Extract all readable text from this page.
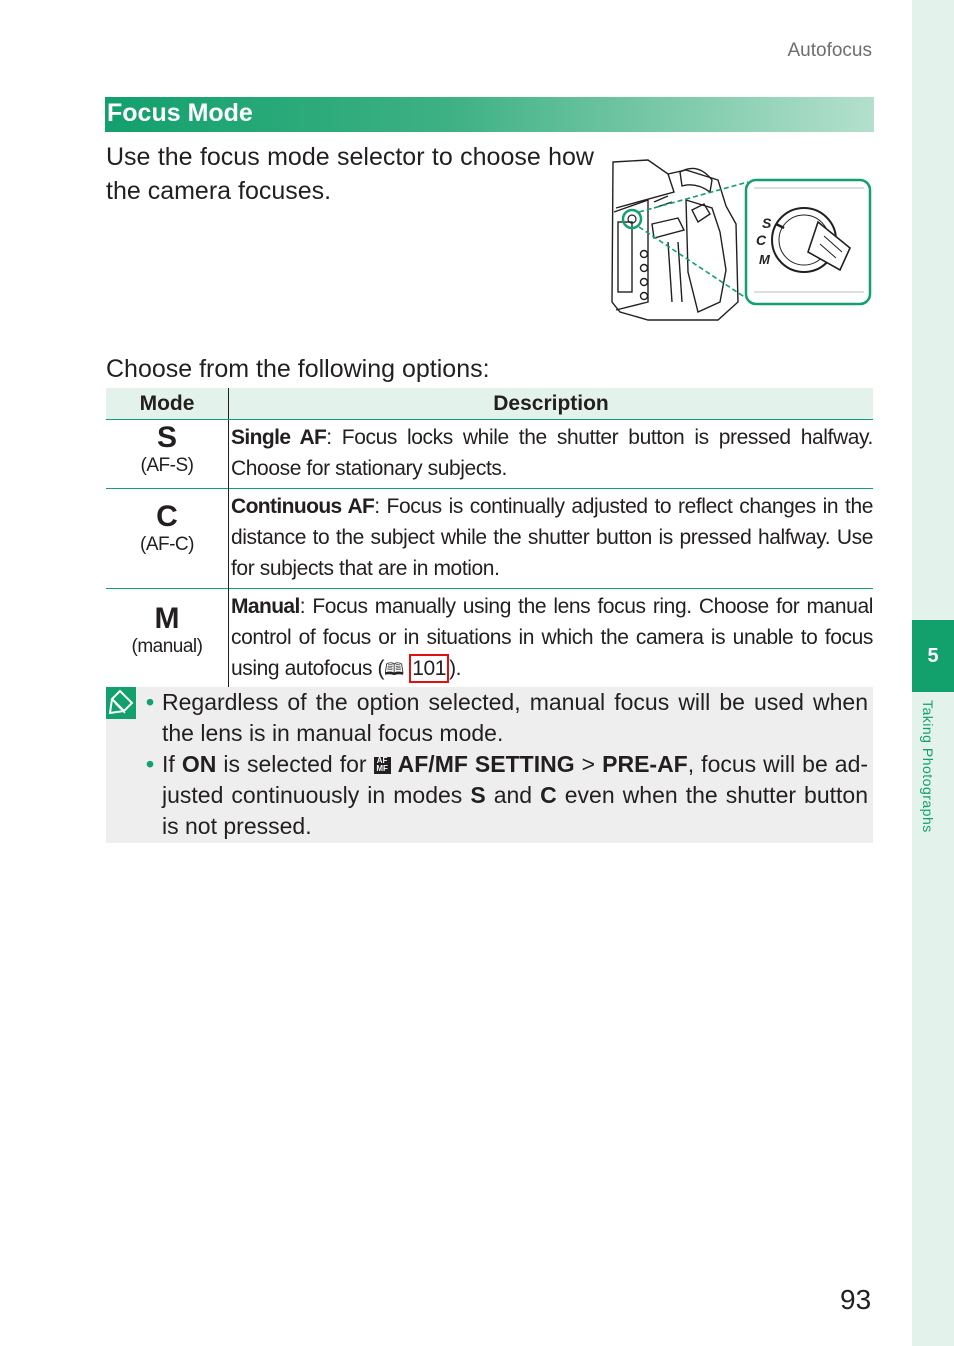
5
Taking Photographs
Autofocus
Focus Mode
Use the focus mode selector to choose how the camera focuses.
S
C
M
Choose from the following options:
Mode	Description

S
(AF-S)	Single AF: Focus locks while the shutter button is pressed halfway. Choose for stationary subjects.

C
(AF-C)	Continuous AF: Focus is continually adjusted to reflect changes in the distance to the subject while the shutter button is pressed halfway. Use for subjects that are in motion.

M
(manual)	Manual: Focus manually using the lens focus ring. Choose for manual control of focus or in situations in which the camera is unable to focus using autofocus (🕮 101 ).
• Regardless of the option selected, manual focus will be used when the lens is in manual focus mode.
• If ON is selected for AF
MF AF/MF SETTING > PRE-AF, focus will be ad-justed continuously in modes S and C even when the shutter button is not pressed.
93
